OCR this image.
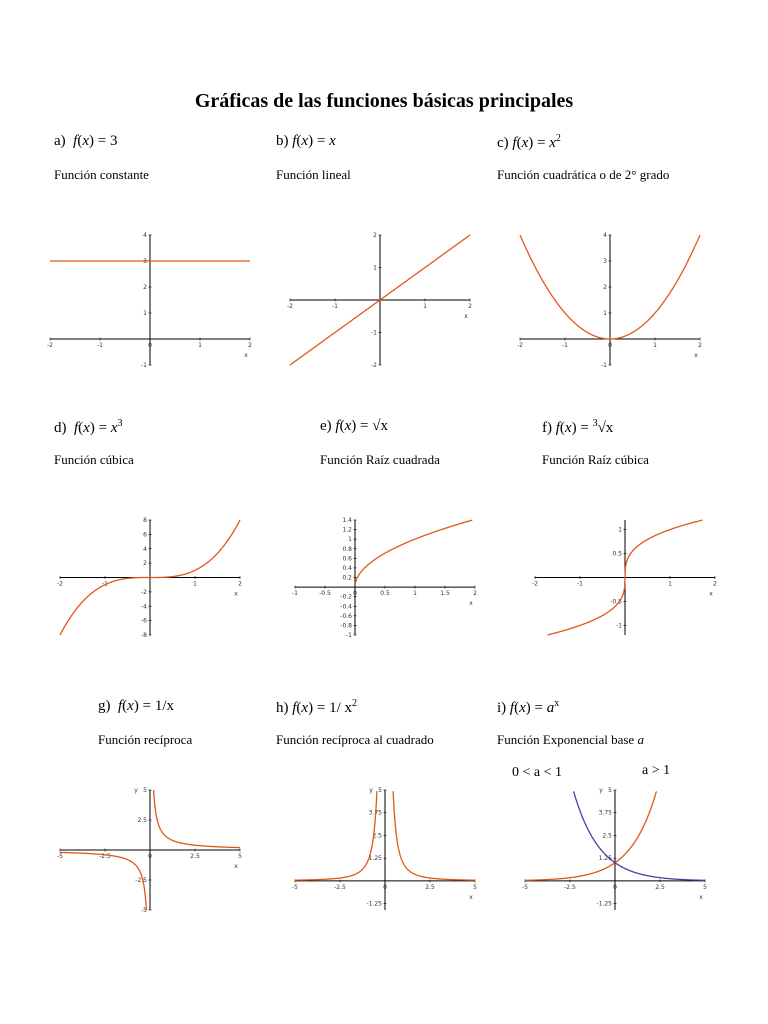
Gráficas de las funciones básicas principales
a) f(x) = 3
Función constante
b) f(x) = x
Función lineal
c) $f(x) = x^2$
Función cuadrática o de 2° grado
d) $f(x) = x^3$
Función cúbica
e) f(x) = √x
Función Raíz cuadrada
f) f(x) = $^3$√x
Función Raíz cúbica
g) f(x) = 1/x
Función recíproca
h) f(x) = 1/ $x^2$
Función recíproca al cuadrado
i) $f(x) = a^x$
Función Exponencial base a
0 < a < 1	a > 1
-2	-1	0	1	2
-1
1
2
3
4
x
-2	-1	1	2
-2
-1
1
2
x
-2	-1	0	1	2
-1
1
2
3
4
x
-2	-1	1	2
-8
-6
-4
-2
2
4
6
8
x	-1	-0.5	0	0.5	1	1.5	2
-1
-0.8
-0.6
-0.4
-0.2
0.2
0.4
0.6
0.8
1
1.2
1.4
x
-2	-1	1	2
-1
-0.5
0.5
1
x
-5	-2.5	0	2.5	5
-5
-2.5
2.5
5
x
y
-5	-2.5	0	2.5	5
-1.25
1.25
2.5
3.75
5
x
y
-5	-2.5	0	2.5	5
-1.25
1.25
2.5
3.75
5
x
y
